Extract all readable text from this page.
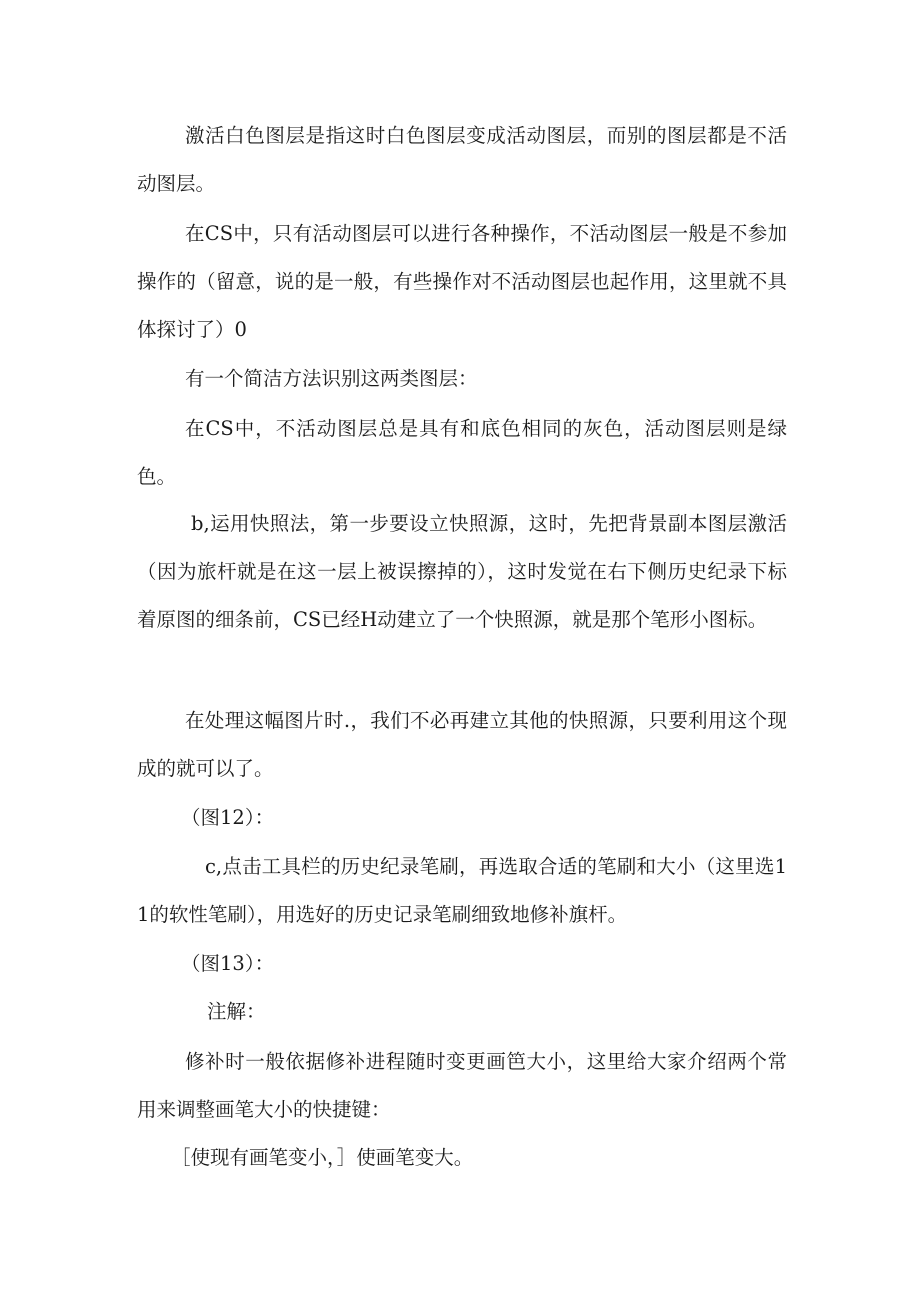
激活白色图层是指这时白色图层变成活动图层，而别的图层都是不活动图层。

在CS中，只有活动图层可以进行各种操作，不活动图层一般是不参加操作的（留意，说的是一般，有些操作对不活动图层也起作用，这里就不具体探讨了）0

有一个简洁方法识别这两类图层：

在CS中，不活动图层总是具有和底色相同的灰色，活动图层则是绿色。

b,运用快照法，第一步要设立快照源，这时，先把背景副本图层激活（因为旅杆就是在这一层上被误擦掉的），这时发觉在右下侧历史纪录下标着原图的细条前，CS已经H动建立了一个快照源，就是那个笔形小图标。

在处理这幅图片时.，我们不必再建立其他的快照源，只要利用这个现成的就可以了。

（图12）：

c,点击工具栏的历史纪录笔刷，再选取合适的笔刷和大小（这里选11的软性笔刷），用选好的历史记录笔刷细致地修补旗杆。

（图13）：

注解：

修补时一般依据修补进程随时变更画笆大小，这里给大家介绍两个常用来调整画笔大小的快捷键：

［使现有画笔变小，］使画笔变大。
